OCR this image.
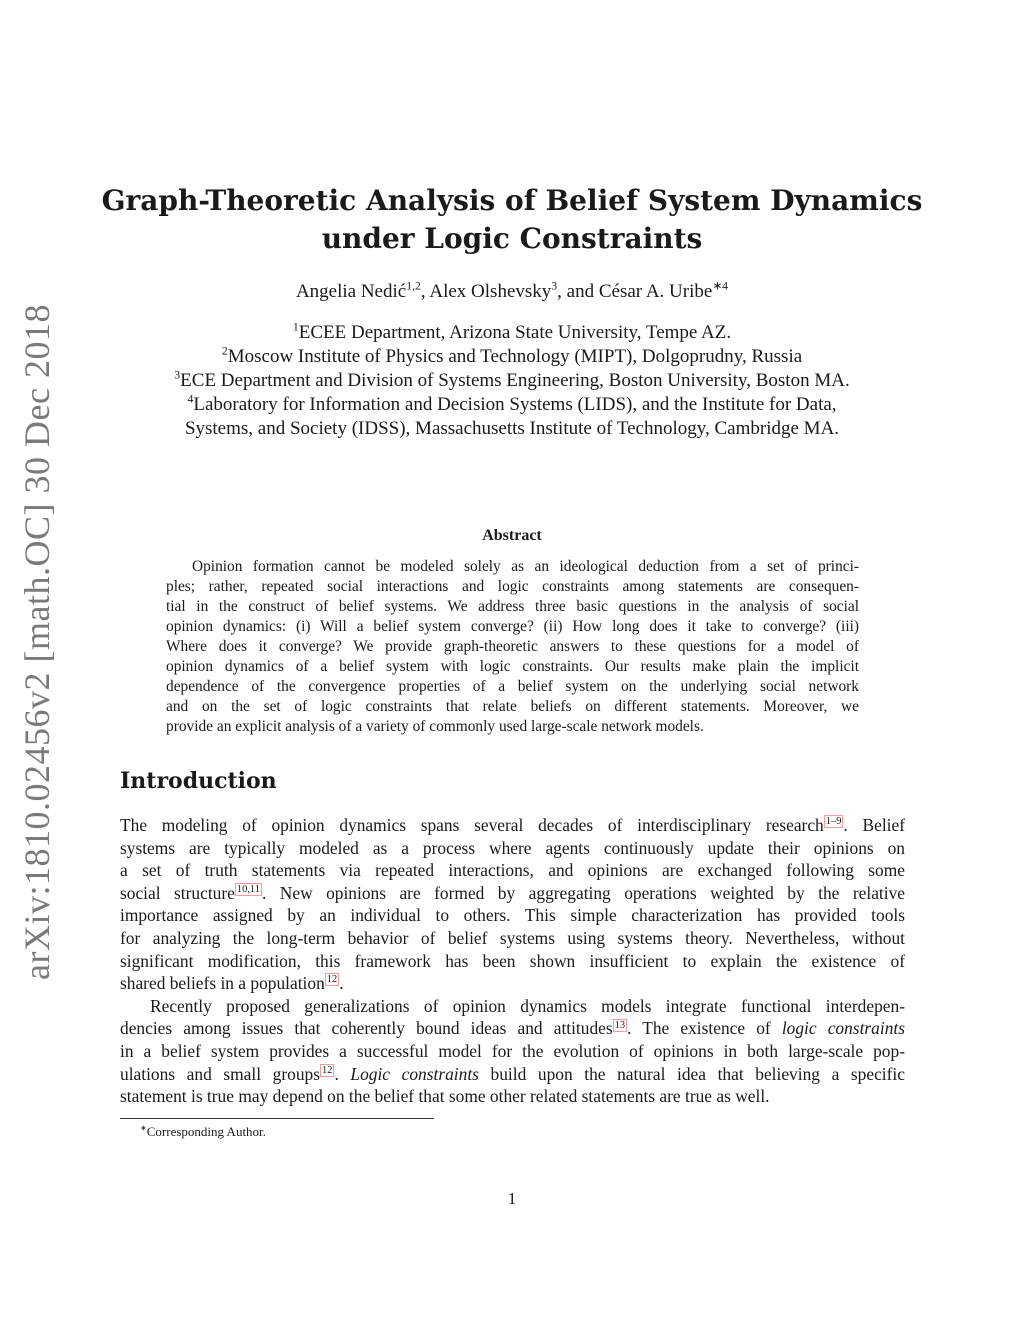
arXiv:1810.02456v2 [math.OC] 30 Dec 2018
Graph-Theoretic Analysis of Belief System Dynamics
under Logic Constraints
Angelia Nedić$^{1,2}$, Alex Olshevsky$^3$, and César A. Uribe$^{∗4}$
$^1$ECEE Department, Arizona State University, Tempe AZ.
$^2$Moscow Institute of Physics and Technology (MIPT), Dolgoprudny, Russia
$^3$ECE Department and Division of Systems Engineering, Boston University, Boston MA.
$^4$Laboratory for Information and Decision Systems (LIDS), and the Institute for Data,
Systems, and Society (IDSS), Massachusetts Institute of Technology, Cambridge MA.
Abstract
Opinion formation cannot be modeled solely as an ideological deduction from a set of princi-
ples; rather, repeated social interactions and logic constraints among statements are consequen-
tial in the construct of belief systems. We address three basic questions in the analysis of social
opinion dynamics: (i) Will a belief system converge? (ii) How long does it take to converge? (iii)
Where does it converge? We provide graph-theoretic answers to these questions for a model of
opinion dynamics of a belief system with logic constraints. Our results make plain the implicit
dependence of the convergence properties of a belief system on the underlying social network
and on the set of logic constraints that relate beliefs on different statements. Moreover, we
provide an explicit analysis of a variety of commonly used large-scale network models.
Introduction
The modeling of opinion dynamics spans several decades of interdisciplinary research $^{1-9}$ . Belief
systems are typically modeled as a process where agents continuously update their opinions on
a set of truth statements via repeated interactions, and opinions are exchanged following some
social structure $^{10,11}$ . New opinions are formed by aggregating operations weighted by the relative
importance assigned by an individual to others. This simple characterization has provided tools
for analyzing the long-term behavior of belief systems using systems theory. Nevertheless, without
significant modification, this framework has been shown insufficient to explain the existence of
shared beliefs in a population $^{12}$ .
Recently proposed generalizations of opinion dynamics models integrate functional interdepen-
dencies among issues that coherently bound ideas and attitudes $^{13}$ . The existence of logic constraints
in a belief system provides a successful model for the evolution of opinions in both large-scale pop-
ulations and small groups $^{12}$ . Logic constraints build upon the natural idea that believing a specific
statement is true may depend on the belief that some other related statements are true as well.
∗Corresponding Author.
1
